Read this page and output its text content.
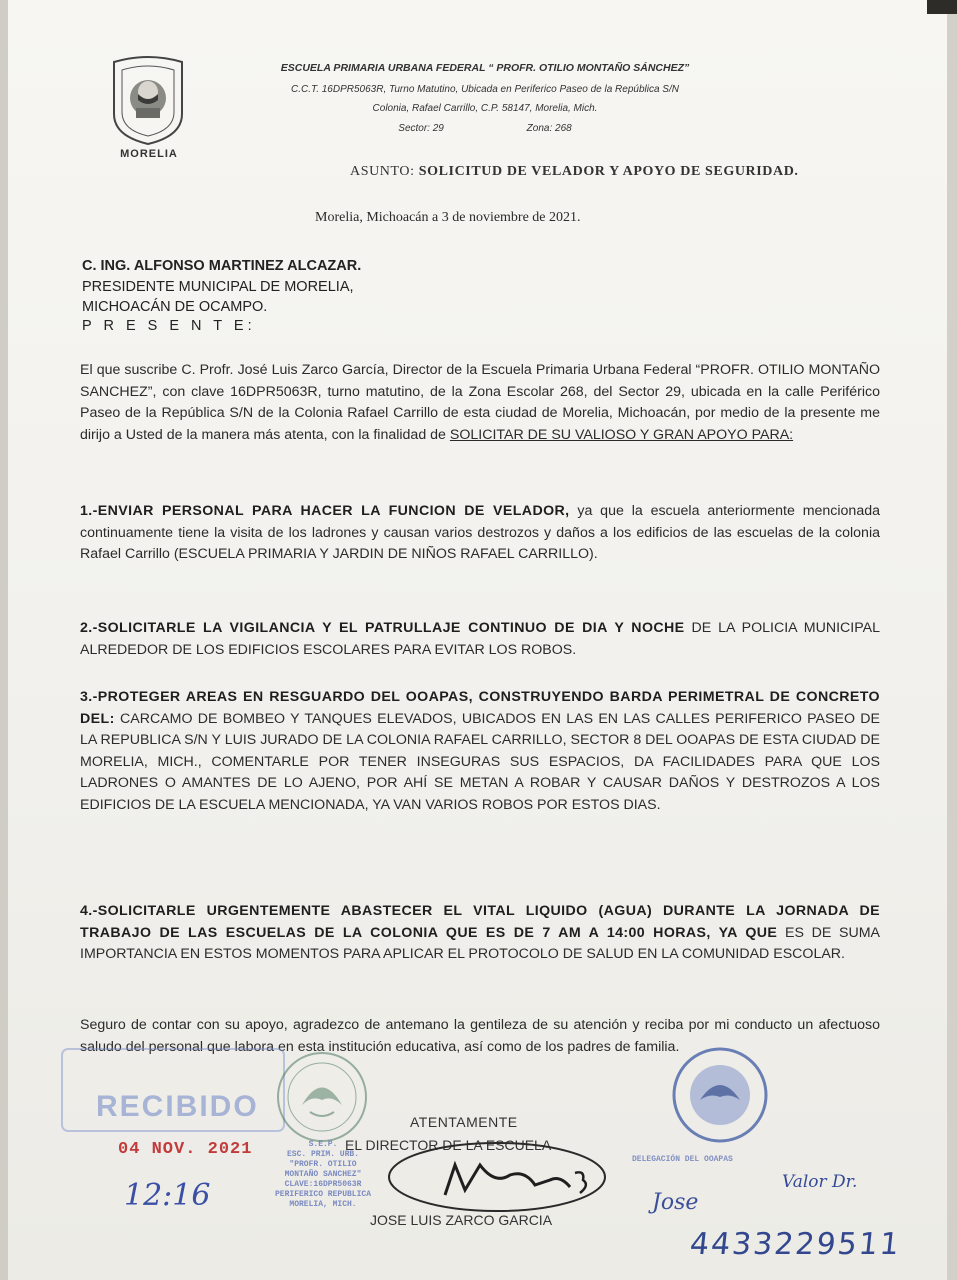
MORELIA
ESCUELA PRIMARIA URBANA FEDERAL “ PROFR. OTILIO MONTAÑO SÁNCHEZ”
C.C.T. 16DPR5063R, Turno Matutino, Ubicada en Periferico Paseo de la República S/N
Colonia, Rafael Carrillo, C.P. 58147, Morelia, Mich.
Sector: 29	Zona: 268
ASUNTO: SOLICITUD DE VELADOR Y APOYO DE SEGURIDAD.
Morelia, Michoacán a 3 de noviembre de 2021.
C. ING. ALFONSO MARTINEZ ALCAZAR.
PRESIDENTE MUNICIPAL DE MORELIA,
MICHOACÁN DE OCAMPO.
P R E S E N T E:
El que suscribe C. Profr. José Luis Zarco García, Director de la Escuela Primaria Urbana Federal “PROFR. OTILIO MONTAÑO SANCHEZ”, con clave 16DPR5063R, turno matutino, de la Zona Escolar 268, del Sector 29, ubicada en la calle Periférico Paseo de la República S/N de la Colonia Rafael Carrillo de esta ciudad de Morelia, Michoacán, por medio de la presente me dirijo a Usted de la manera más atenta, con la finalidad de SOLICITAR DE SU VALIOSO Y GRAN APOYO PARA:
1.-ENVIAR PERSONAL PARA HACER LA FUNCION DE VELADOR, ya que la escuela anteriormente mencionada continuamente tiene la visita de los ladrones y causan varios destrozos y daños a los edificios de las escuelas de la colonia Rafael Carrillo (ESCUELA PRIMARIA Y JARDIN DE NIÑOS RAFAEL CARRILLO).
2.-SOLICITARLE LA VIGILANCIA Y EL PATRULLAJE CONTINUO DE DIA Y NOCHE DE LA POLICIA MUNICIPAL ALREDEDOR DE LOS EDIFICIOS ESCOLARES PARA EVITAR LOS ROBOS.
3.-PROTEGER AREAS EN RESGUARDO DEL OOAPAS, CONSTRUYENDO BARDA PERIMETRAL DE CONCRETO DEL: CARCAMO DE BOMBEO Y TANQUES ELEVADOS, UBICADOS EN LAS EN LAS CALLES PERIFERICO PASEO DE LA REPUBLICA S/N Y LUIS JURADO DE LA COLONIA RAFAEL CARRILLO, SECTOR 8 DEL OOAPAS DE ESTA CIUDAD DE MORELIA, MICH., COMENTARLE POR TENER INSEGURAS SUS ESPACIOS, DA FACILIDADES PARA QUE LOS LADRONES O AMANTES DE LO AJENO, POR AHÍ SE METAN A ROBAR Y CAUSAR DAÑOS Y DESTROZOS A LOS EDIFICIOS DE LA ESCUELA MENCIONADA, YA VAN VARIOS ROBOS POR ESTOS DIAS.
4.-SOLICITARLE URGENTEMENTE ABASTECER EL VITAL LIQUIDO (AGUA) DURANTE LA JORNADA DE TRABAJO DE LAS ESCUELAS DE LA COLONIA QUE ES DE 7 AM A 14:00 HORAS, YA QUE ES DE SUMA IMPORTANCIA EN ESTOS MOMENTOS PARA APLICAR EL PROTOCOLO DE SALUD EN LA COMUNIDAD ESCOLAR.
Seguro de contar con su apoyo, agradezco de antemano la gentileza de su atención y reciba por mi conducto un afectuoso saludo del personal que labora en esta institución educativa, así como de los padres de familia.
RECIBIDO
04 NOV. 2021
12:16
S.E.P.
ESC. PRIM. URB.
"PROFR. OTILIO
MONTAÑO SANCHEZ"
CLAVE:16DPR5063R
PERIFERICO REPUBLICA
MORELIA, MICH.
ATENTAMENTE
EL DIRECTOR DE LA ESCUELA
JOSE LUIS ZARCO GARCIA
DELEGACIÓN DEL OOAPAS
Valor Dr.
Jose
4433229511
